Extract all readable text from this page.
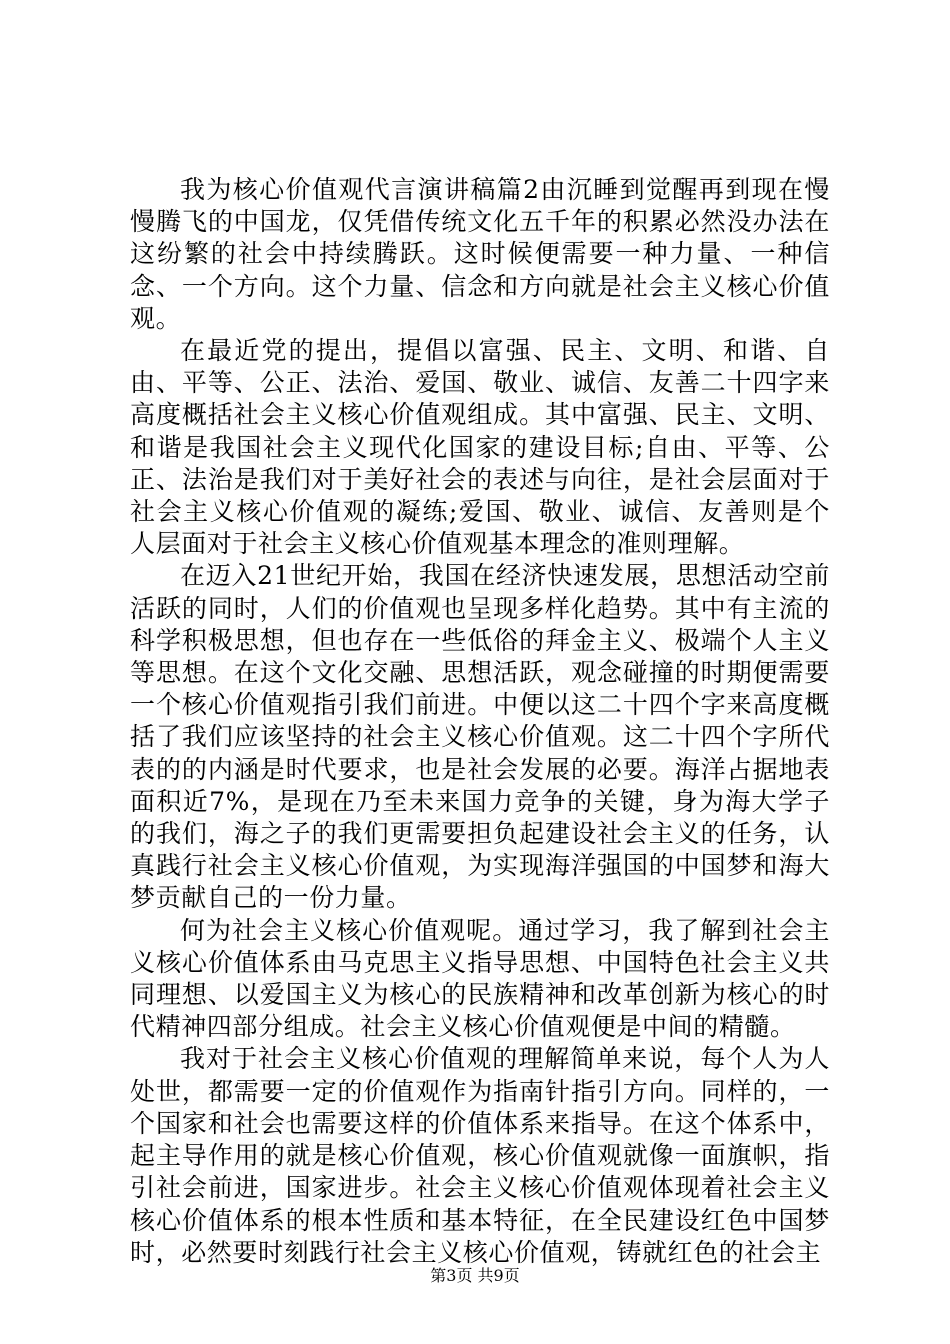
我为核心价值观代言演讲稿篇2由沉睡到觉醒再到现在慢慢腾飞的中国龙，仅凭借传统文化五千年的积累必然没办法在这纷繁的社会中持续腾跃。这时候便需要一种力量、一种信念、一个方向。这个力量、信念和方向就是社会主义核心价值观。

在最近党的提出，提倡以富强、民主、文明、和谐、自由、平等、公正、法治、爱国、敬业、诚信、友善二十四字来高度概括社会主义核心价值观组成。其中富强、民主、文明、和谐是我国社会主义现代化国家的建设目标;自由、平等、公正、法治是我们对于美好社会的表述与向往，是社会层面对于社会主义核心价值观的凝练;爱国、敬业、诚信、友善则是个人层面对于社会主义核心价值观基本理念的准则理解。

在迈入21世纪开始，我国在经济快速发展，思想活动空前活跃的同时，人们的价值观也呈现多样化趋势。其中有主流的科学积极思想，但也存在一些低俗的拜金主义、极端个人主义等思想。在这个文化交融、思想活跃，观念碰撞的时期便需要一个核心价值观指引我们前进。中便以这二十四个字来高度概括了我们应该坚持的社会主义核心价值观。这二十四个字所代表的的内涵是时代要求，也是社会发展的必要。海洋占据地表面积近7%，是现在乃至未来国力竞争的关键，身为海大学子的我们，海之子的我们更需要担负起建设社会主义的任务，认真践行社会主义核心价值观，为实现海洋强国的中国梦和海大梦贡献自己的一份力量。

何为社会主义核心价值观呢。通过学习，我了解到社会主义核心价值体系由马克思主义指导思想、中国特色社会主义共同理想、以爱国主义为核心的民族精神和改革创新为核心的时代精神四部分组成。社会主义核心价值观便是中间的精髓。

我对于社会主义核心价值观的理解简单来说，每个人为人处世，都需要一定的价值观作为指南针指引方向。同样的，一个国家和社会也需要这样的价值体系来指导。在这个体系中，起主导作用的就是核心价值观，核心价值观就像一面旗帜，指引社会前进，国家进步。社会主义核心价值观体现着社会主义核心价值体系的根本性质和基本特征，在全民建设红色中国梦时，必然要时刻践行社会主义核心价值观，铸就红色的社会主

第3页 共9页
